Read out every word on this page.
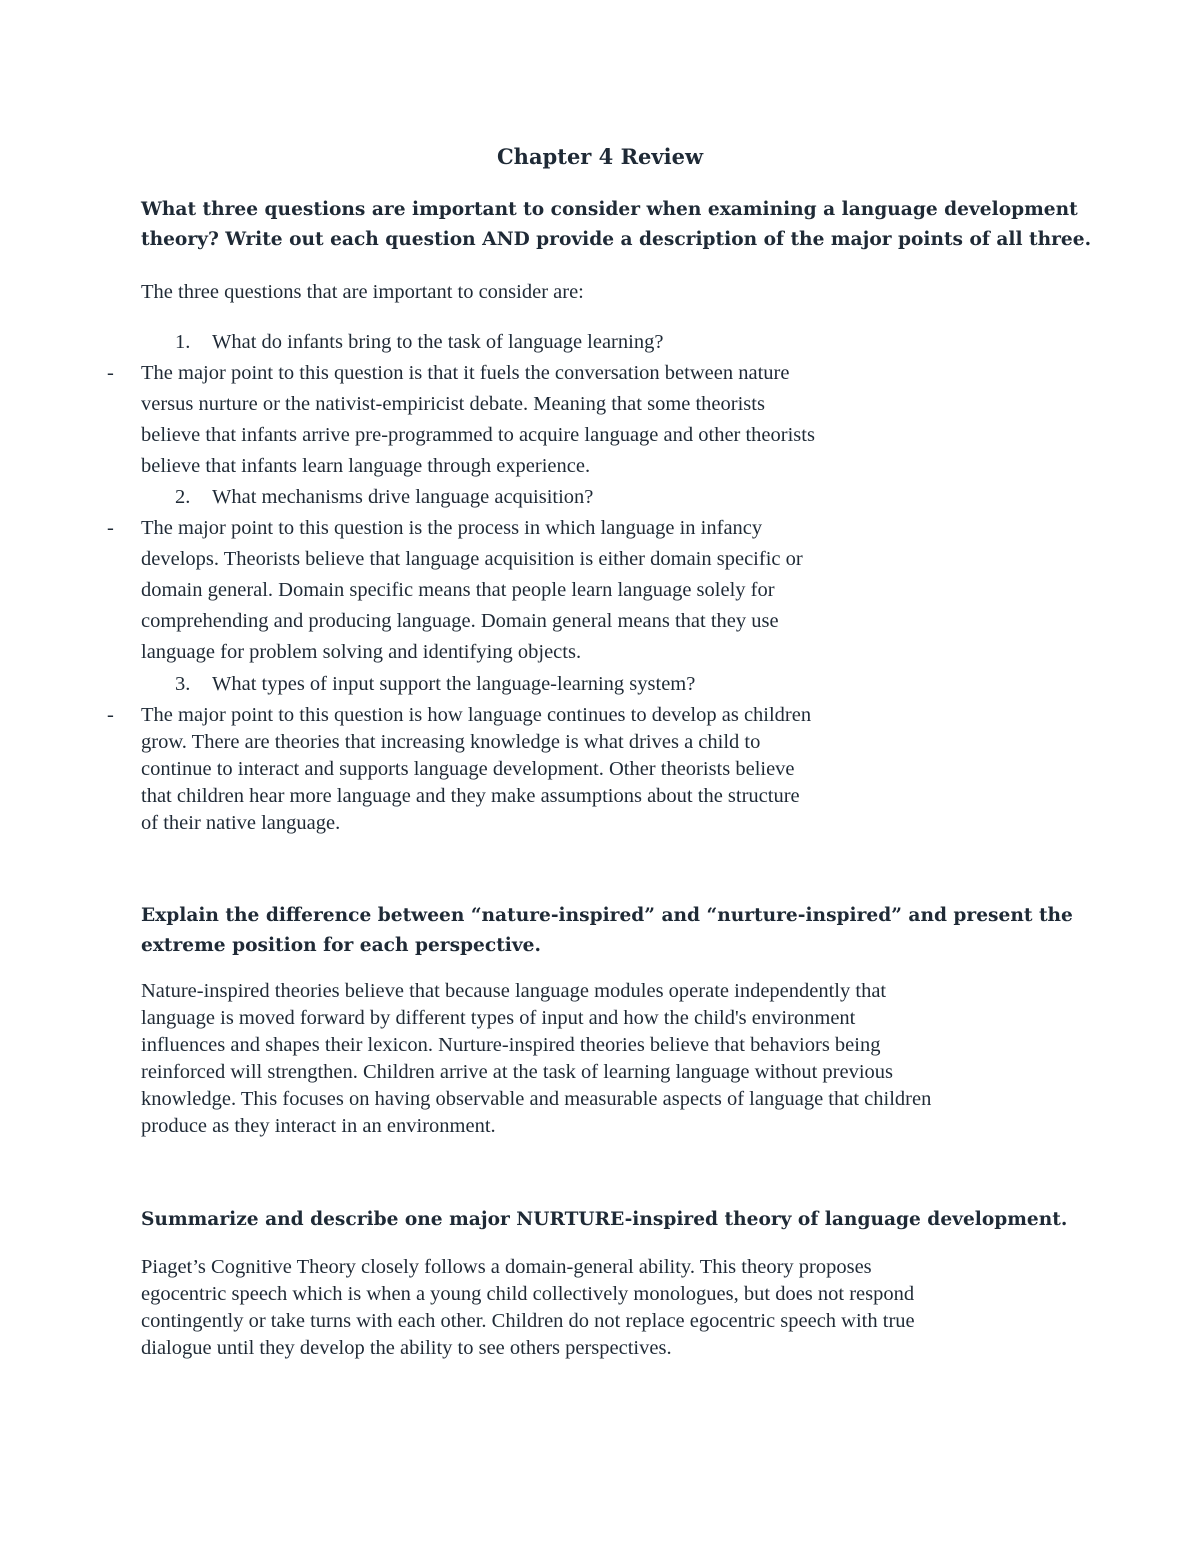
Chapter 4 Review
What three questions are important to consider when examining a language development
theory? Write out each question AND provide a description of the major points of all three.
The three questions that are important to consider are:
1. What do infants bring to the task of language learning?
- The major point to this question is that it fuels the conversation between nature
versus nurture or the nativist-empiricist debate. Meaning that some theorists
believe that infants arrive pre-programmed to acquire language and other theorists
believe that infants learn language through experience.
2. What mechanisms drive language acquisition?
- The major point to this question is the process in which language in infancy
develops. Theorists believe that language acquisition is either domain specific or
domain general. Domain specific means that people learn language solely for
comprehending and producing language. Domain general means that they use
language for problem solving and identifying objects.
3. What types of input support the language-learning system?
- The major point to this question is how language continues to develop as children
grow. There are theories that increasing knowledge is what drives a child to
continue to interact and supports language development. Other theorists believe
that children hear more language and they make assumptions about the structure
of their native language.
Explain the difference between “nature-inspired” and “nurture-inspired” and present the
extreme position for each perspective.
Nature-inspired theories believe that because language modules operate independently that
language is moved forward by different types of input and how the child's environment
influences and shapes their lexicon. Nurture-inspired theories believe that behaviors being
reinforced will strengthen. Children arrive at the task of learning language without previous
knowledge. This focuses on having observable and measurable aspects of language that children
produce as they interact in an environment.
Summarize and describe one major NURTURE-inspired theory of language development.
Piaget’s Cognitive Theory closely follows a domain-general ability. This theory proposes
egocentric speech which is when a young child collectively monologues, but does not respond
contingently or take turns with each other. Children do not replace egocentric speech with true
dialogue until they develop the ability to see others perspectives.
